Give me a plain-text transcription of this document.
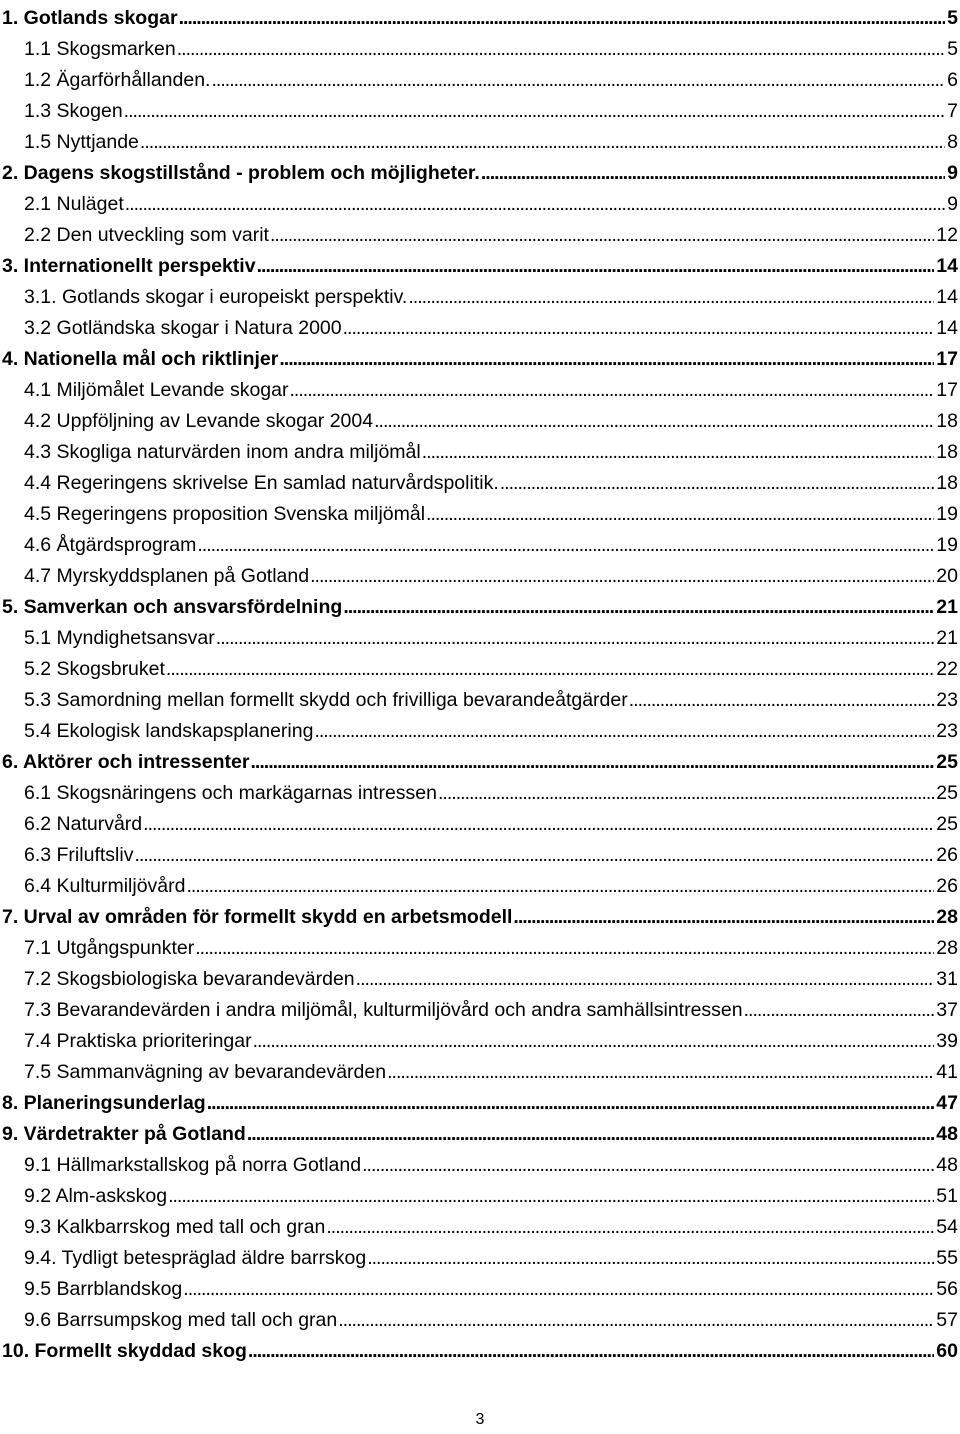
1. Gotlands skogar . . .	5
1.1 Skogsmarken . . .	5
1.2 Ägarförhållanden. . . .	6
1.3 Skogen . . .	7
1.5 Nyttjande . . .	8
2. Dagens skogstillstånd - problem och möjligheter. . . .	9
2.1 Nuläget . . .	9
2.2 Den utveckling som varit . . .	12
3. Internationellt perspektiv . . .	14
3.1. Gotlands skogar i europeiskt perspektiv. . . .	14
3.2 Gotländska skogar i Natura 2000 . . .	14
4. Nationella mål och riktlinjer . . .	17
4.1 Miljömålet Levande skogar . . .	17
4.2 Uppföljning av Levande skogar 2004 . . .	18
4.3 Skogliga naturvärden inom andra miljömål . . .	18
4.4 Regeringens skrivelse En samlad naturvårdspolitik. . . .	18
4.5 Regeringens proposition Svenska miljömål . . .	19
4.6 Åtgärdsprogram . . .	19
4.7 Myrskyddsplanen på Gotland . . .	20
5. Samverkan och ansvarsfördelning . . .	21
5.1 Myndighetsansvar . . .	21
5.2 Skogsbruket . . .	22
5.3 Samordning mellan formellt skydd och frivilliga bevarandeåtgärder . . .	23
5.4 Ekologisk landskapsplanering . . .	23
6. Aktörer och intressenter . . .	25
6.1 Skogsnäringens och markägarnas intressen . . .	25
6.2 Naturvård . . .	25
6.3 Friluftsliv . . .	26
6.4 Kulturmiljövård . . .	26
7. Urval av områden för formellt skydd en arbetsmodell . . .	28
7.1 Utgångspunkter . . .	28
7.2 Skogsbiologiska bevarandevärden . . .	31
7.3 Bevarandevärden i andra miljömål, kulturmiljövård och andra samhällsintressen . . .	37
7.4 Praktiska prioriteringar . . .	39
7.5 Sammanvägning av bevarandevärden . . .	41
8. Planeringsunderlag . . .	47
9. Värdetrakter på Gotland . . .	48
9.1 Hällmarkstallskog på norra Gotland . . .	48
9.2 Alm-askskog . . .	51
9.3 Kalkbarrskog med tall och gran . . .	54
9.4. Tydligt betespräglad äldre barrskog . . .	55
9.5 Barrblandskog . . .	56
9.6 Barrsumpskog med tall och gran . . .	57
10. Formellt skyddad skog . . .	60
3
